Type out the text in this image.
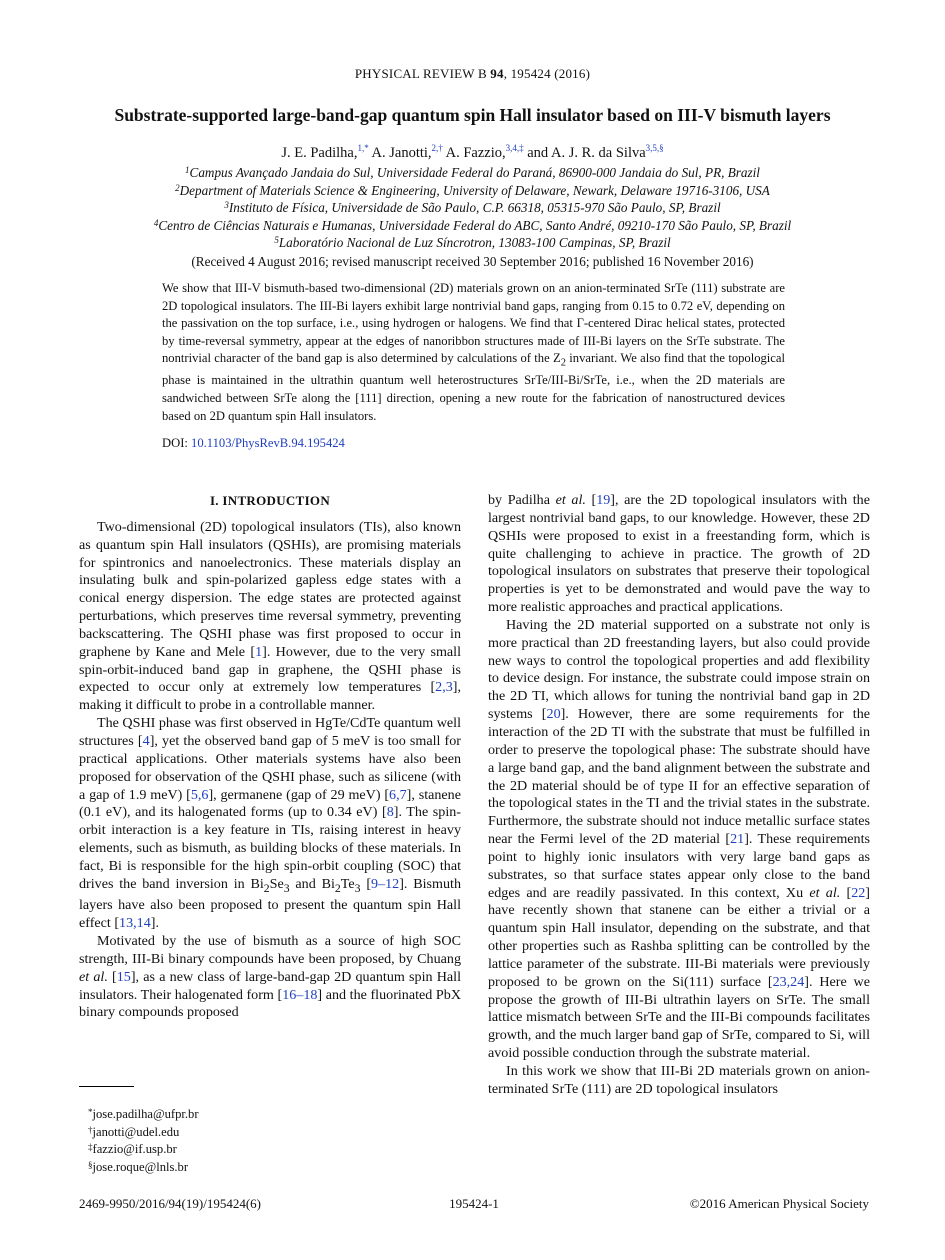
PHYSICAL REVIEW B 94, 195424 (2016)
Substrate-supported large-band-gap quantum spin Hall insulator based on III-V bismuth layers
J. E. Padilha,$^{1,*}$ A. Janotti,$^{2,\dagger}$ A. Fazzio,$^{3,4,\ddagger}$ and A. J. R. da Silva$^{3,5,\S}$
$^1$Campus Avançado Jandaia do Sul, Universidade Federal do Paraná, 86900-000 Jandaia do Sul, PR, Brazil
$^2$Department of Materials Science & Engineering, University of Delaware, Newark, Delaware 19716-3106, USA
$^3$Instituto de Física, Universidade de São Paulo, C.P. 66318, 05315-970 São Paulo, SP, Brazil
$^4$Centro de Ciências Naturais e Humanas, Universidade Federal do ABC, Santo André, 09210-170 São Paulo, SP, Brazil
$^5$Laboratório Nacional de Luz Síncrotron, 13083-100 Campinas, SP, Brazil
(Received 4 August 2016; revised manuscript received 30 September 2016; published 16 November 2016)
We show that III-V bismuth-based two-dimensional (2D) materials grown on an anion-terminated SrTe (111) substrate are 2D topological insulators. The III-Bi layers exhibit large nontrivial band gaps, ranging from 0.15 to 0.72 eV, depending on the passivation on the top surface, i.e., using hydrogen or halogens. We find that Γ-centered Dirac helical states, protected by time-reversal symmetry, appear at the edges of nanoribbon structures made of III-Bi layers on the SrTe substrate. The nontrivial character of the band gap is also determined by calculations of the $Z_2$ invariant. We also find that the topological phase is maintained in the ultrathin quantum well heterostructures SrTe/III-Bi/SrTe, i.e., when the 2D materials are sandwiched between SrTe along the [111] direction, opening a new route for the fabrication of nanostructured devices based on 2D quantum spin Hall insulators.
DOI: 10.1103/PhysRevB.94.195424
I. INTRODUCTION

Two-dimensional (2D) topological insulators (TIs), also known as quantum spin Hall insulators (QSHIs), are promising materials for spintronics and nanoelectronics. These materials display an insulating bulk and spin-polarized gapless edge states with a conical energy dispersion. The edge states are protected against perturbations, which preserves time reversal symmetry, preventing backscattering. The QSHI phase was first proposed to occur in graphene by Kane and Mele [1]. However, due to the very small spin-orbit-induced band gap in graphene, the QSHI phase is expected to occur only at extremely low temperatures [2,3], making it difficult to probe in a controllable manner.

The QSHI phase was first observed in HgTe/CdTe quantum well structures [4], yet the observed band gap of 5 meV is too small for practical applications. Other materials systems have also been proposed for observation of the QSHI phase, such as silicene (with a gap of 1.9 meV) [5,6], germanene (gap of 29 meV) [6,7], stanene (0.1 eV), and its halogenated forms (up to 0.34 eV) [8]. The spin-orbit interaction is a key feature in TIs, raising interest in heavy elements, such as bismuth, as building blocks of these materials. In fact, Bi is responsible for the high spin-orbit coupling (SOC) that drives the band inversion in $Bi_2Se_3$ and $Bi_2Te_3$ [9–12]. Bismuth layers have also been proposed to present the quantum spin Hall effect [13,14].

Motivated by the use of bismuth as a source of high SOC strength, III-Bi binary compounds have been proposed, by Chuang et al. [15], as a new class of large-band-gap 2D quantum spin Hall insulators. Their halogenated form [16–18] and the fluorinated PbX binary compounds proposed

by Padilha et al. [19], are the 2D topological insulators with the largest nontrivial band gaps, to our knowledge. However, these 2D QSHIs were proposed to exist in a freestanding form, which is quite challenging to achieve in practice. The growth of 2D topological insulators on substrates that preserve their topological properties is yet to be demonstrated and would pave the way to more realistic approaches and practical applications.

Having the 2D material supported on a substrate not only is more practical than 2D freestanding layers, but also could provide new ways to control the topological properties and add flexibility to device design. For instance, the substrate could impose strain on the 2D TI, which allows for tuning the nontrivial band gap in 2D systems [20]. However, there are some requirements for the interaction of the 2D TI with the substrate that must be fulfilled in order to preserve the topological phase: The substrate should have a large band gap, and the band alignment between the substrate and the 2D material should be of type II for an effective separation of the topological states in the TI and the trivial states in the substrate. Furthermore, the substrate should not induce metallic surface states near the Fermi level of the 2D material [21]. These requirements point to highly ionic insulators with very large band gaps as substrates, so that surface states appear only close to the band edges and are readily passivated. In this context, Xu et al. [22] have recently shown that stanene can be either a trivial or a quantum spin Hall insulator, depending on the substrate, and that other properties such as Rashba splitting can be controlled by the lattice parameter of the substrate. III-Bi materials were previously proposed to be grown on the Si(111) surface [23,24]. Here we propose the growth of III-Bi ultrathin layers on SrTe. The small lattice mismatch between SrTe and the III-Bi compounds facilitates growth, and the much larger band gap of SrTe, compared to Si, will avoid possible conduction through the substrate material.

In this work we show that III-Bi 2D materials grown on anion-terminated SrTe (111) are 2D topological insulators

*jose.padilha@ufpr.br
†janotti@udel.edu
‡fazzio@if.usp.br
§jose.roque@lnls.br
2469-9950/2016/94(19)/195424(6)	195424-1	©2016 American Physical Society
